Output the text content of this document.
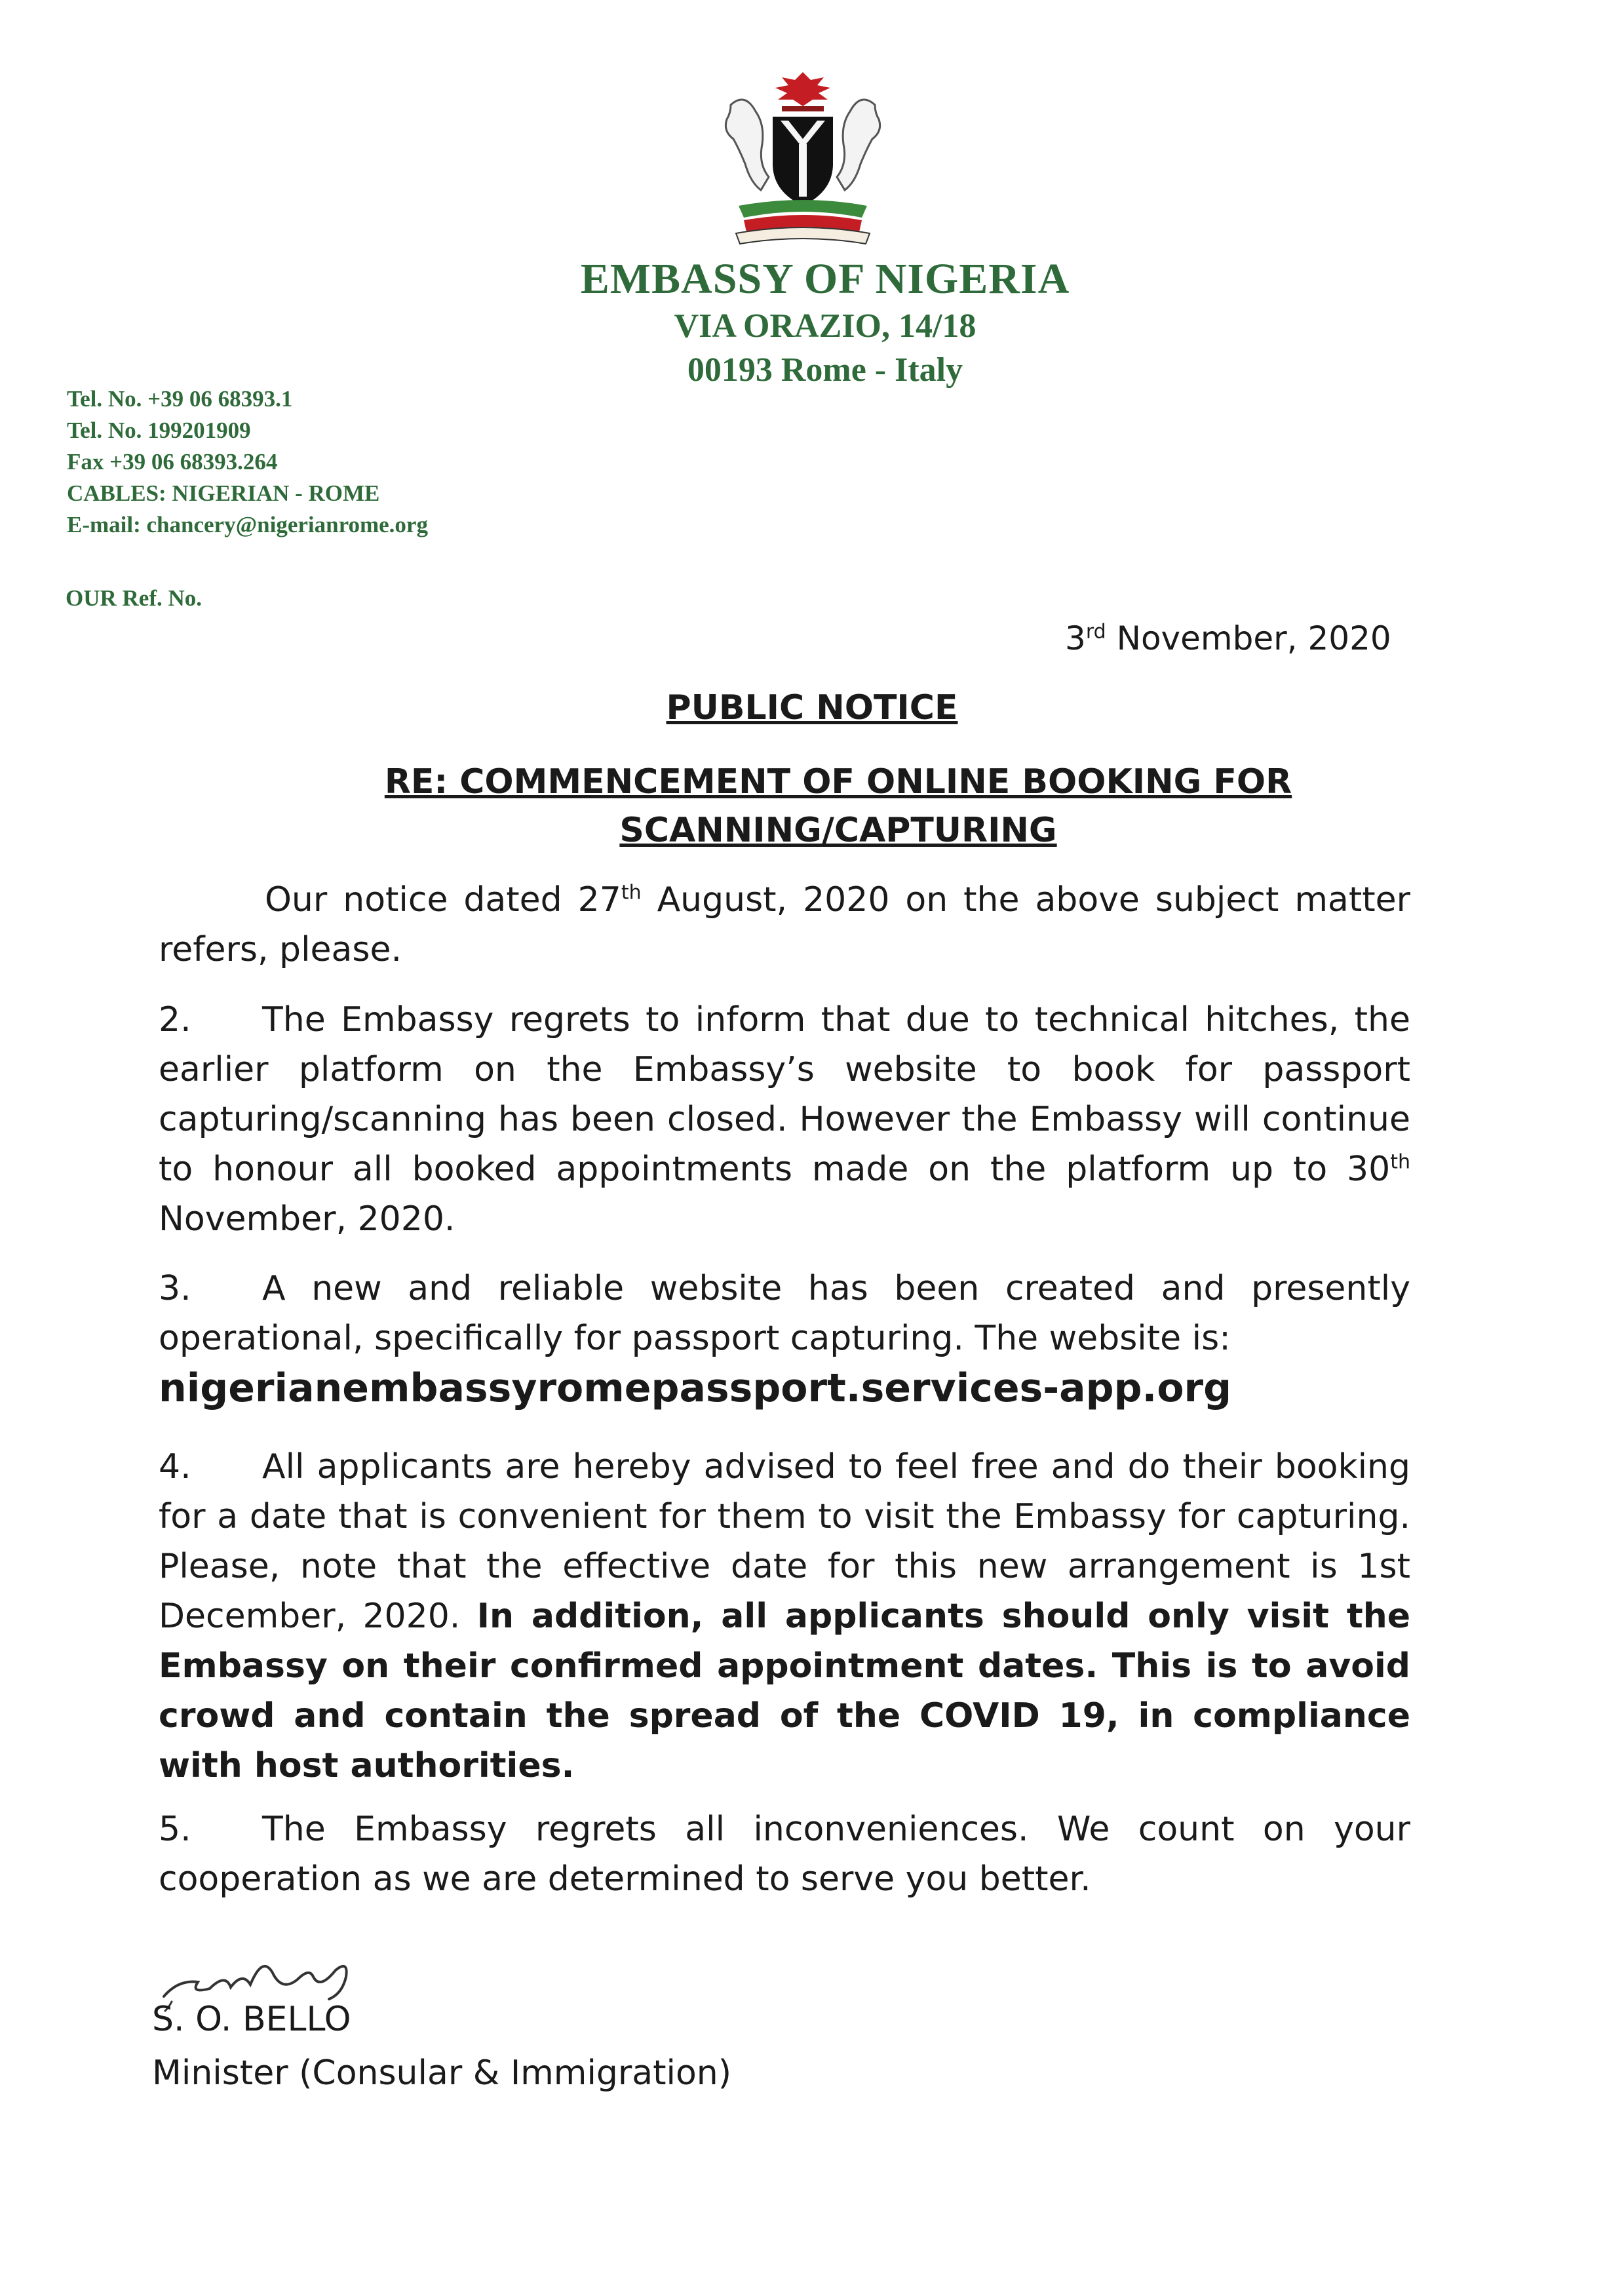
EMBASSY OF NIGERIA
VIA ORAZIO, 14/18
00193 Rome - Italy
Tel. No. +39 06 68393.1
Tel. No. 199201909
Fax +39 06 68393.264
CABLES: NIGERIAN - ROME
E-mail: chancery@nigerianrome.org
OUR Ref. No.
3rd November, 2020
PUBLIC NOTICE
RE: COMMENCEMENT OF ONLINE BOOKING FOR
SCANNING/CAPTURING
Our notice dated 27th August, 2020 on the above subject matter refers, please.
2. The Embassy regrets to inform that due to technical hitches, the earlier platform on the Embassy’s website to book for passport capturing/scanning has been closed. However the Embassy will continue to honour all booked appointments made on the platform up to 30th November, 2020.
3. A new and reliable website has been created and presently operational, specifically for passport capturing. The website is:
nigerianembassyromepassport.services-app.org
4. All applicants are hereby advised to feel free and do their booking for a date that is convenient for them to visit the Embassy for capturing. Please, note that the effective date for this new arrangement is 1st December, 2020. In addition, all applicants should only visit the Embassy on their confirmed appointment dates. This is to avoid crowd and contain the spread of the COVID 19, in compliance with host authorities.
5. The Embassy regrets all inconveniences. We count on your cooperation as we are determined to serve you better.
S. O. BELLO
Minister (Consular & Immigration)
